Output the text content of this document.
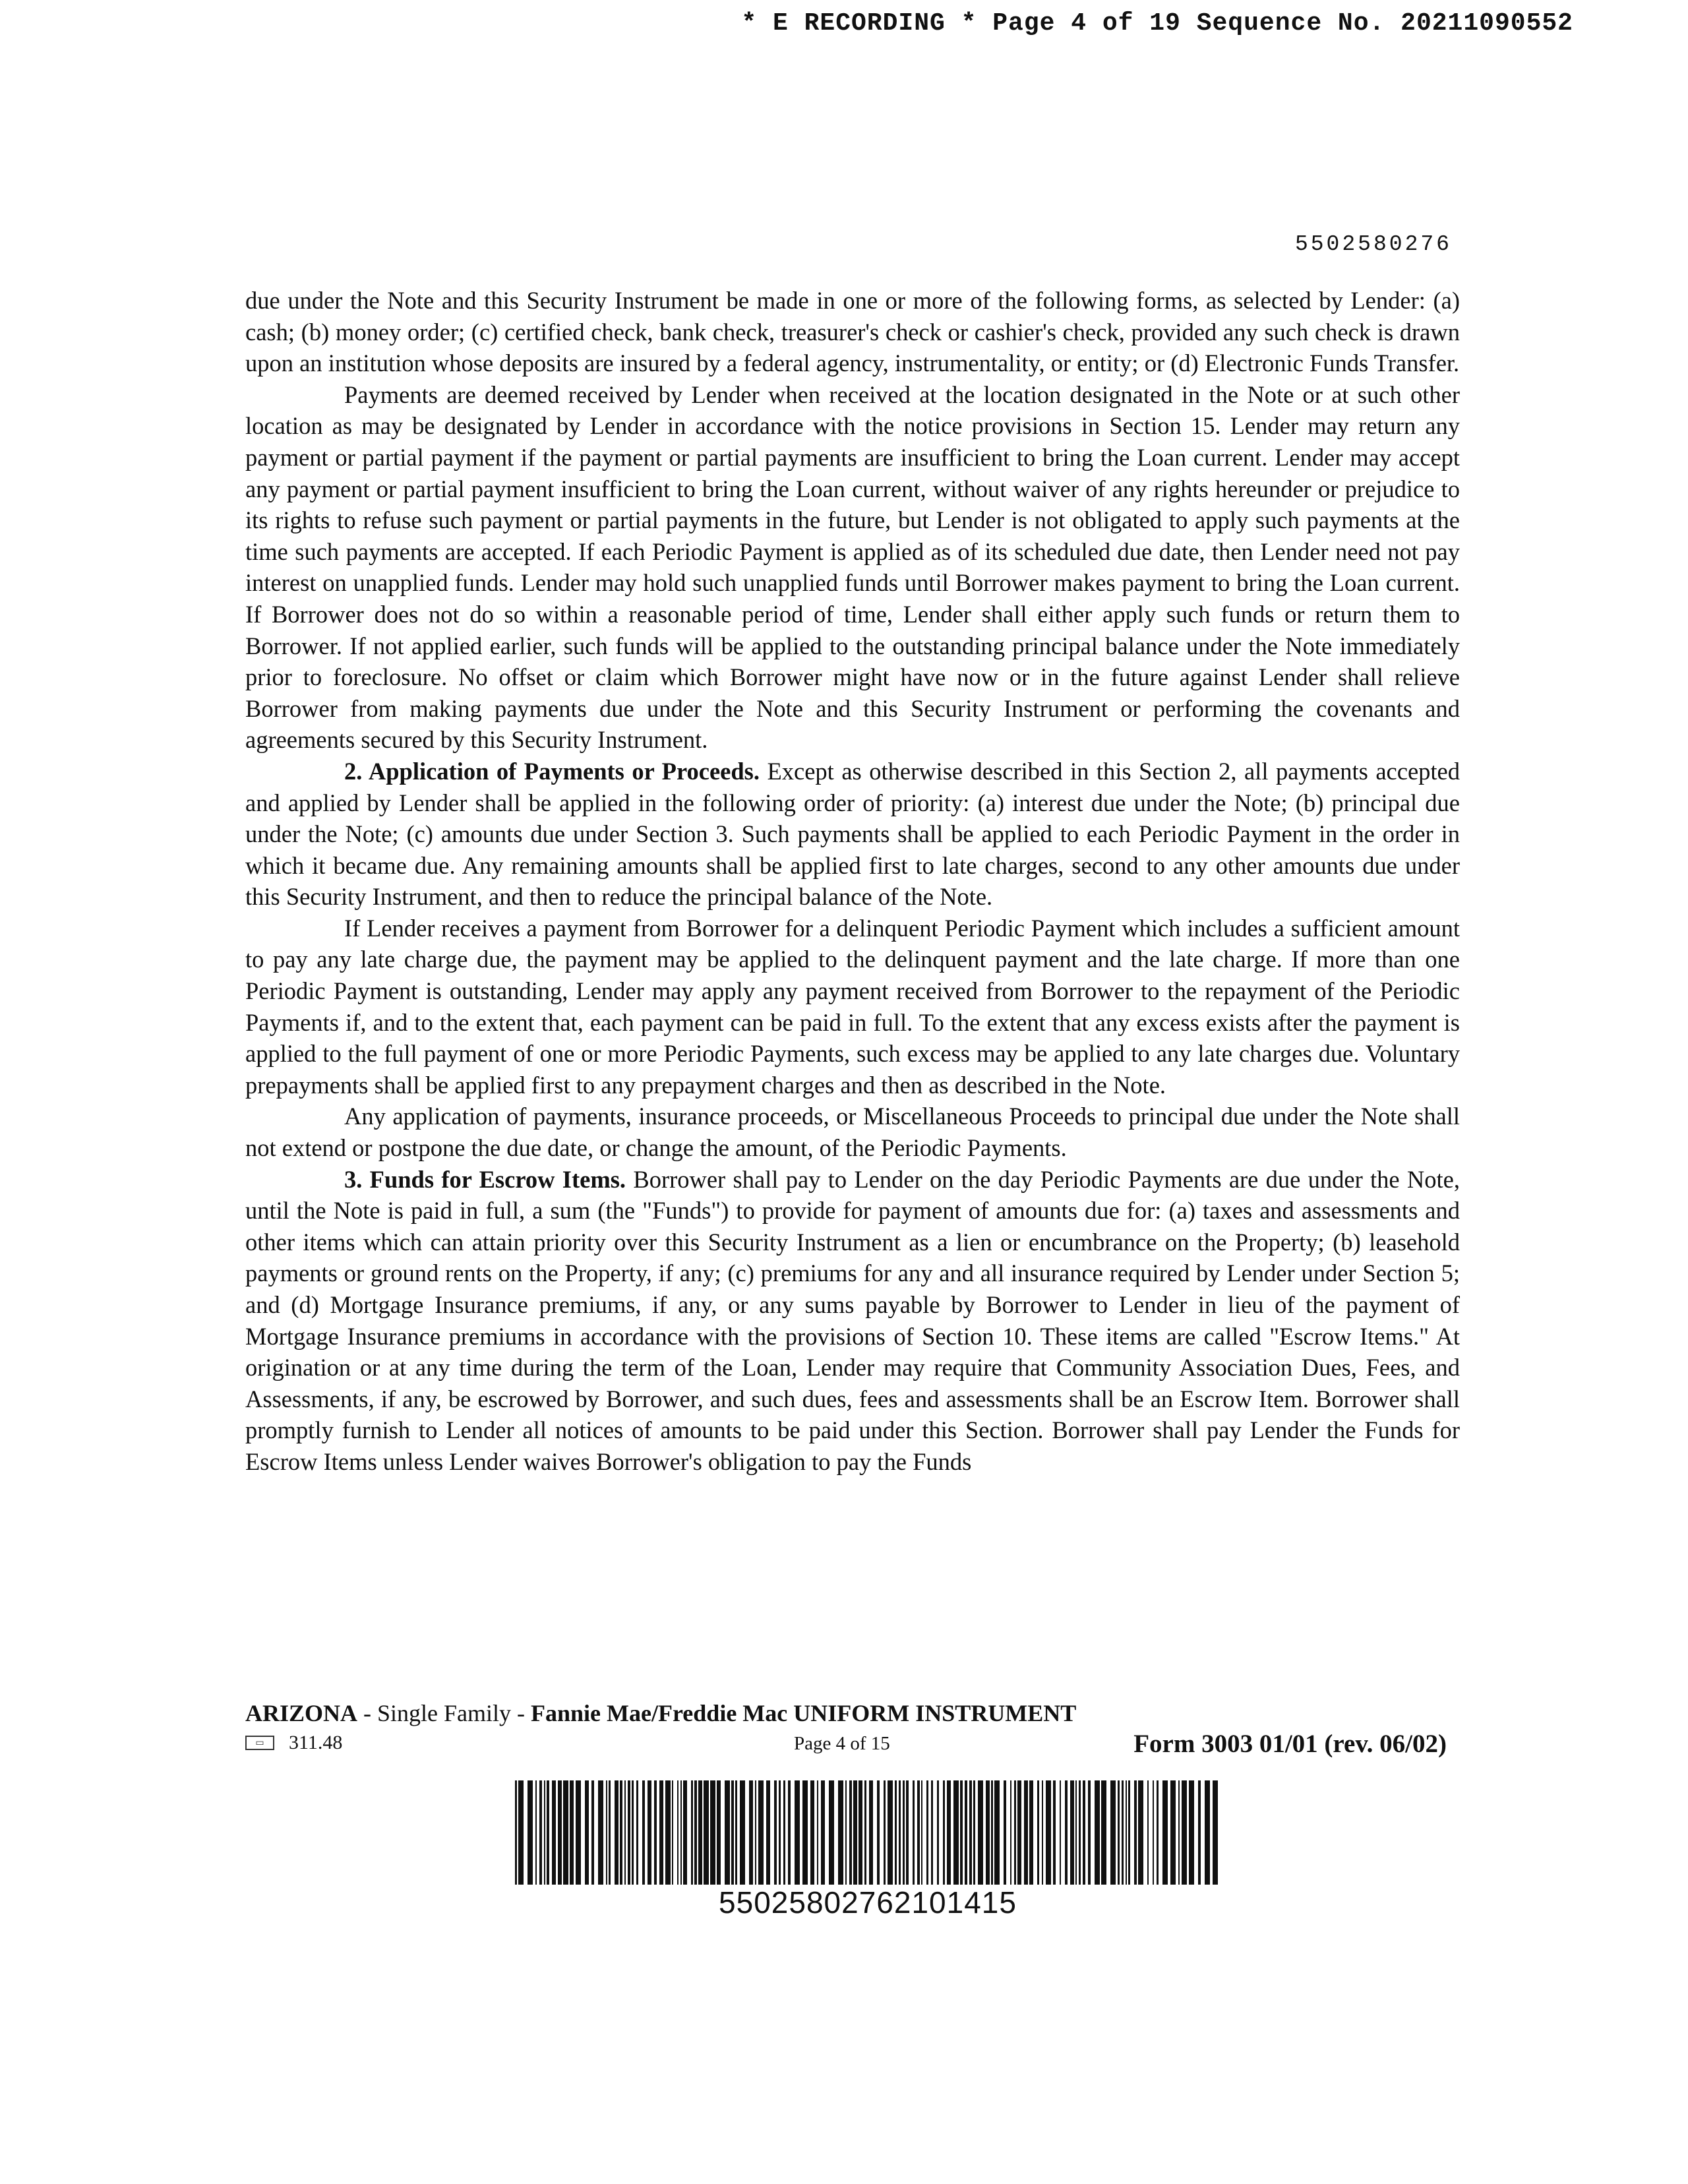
* E RECORDING * Page 4 of 19 Sequence No. 20211090552
5502580276

due under the Note and this Security Instrument be made in one or more of the following forms, as selected by Lender: (a) cash; (b) money order; (c) certified check, bank check, treasurer's check or cashier's check, provided any such check is drawn upon an institution whose deposits are insured by a federal agency, instrumentality, or entity; or (d) Electronic Funds Transfer.

Payments are deemed received by Lender when received at the location designated in the Note or at such other location as may be designated by Lender in accordance with the notice provisions in Section 15. Lender may return any payment or partial payment if the payment or partial payments are insufficient to bring the Loan current. Lender may accept any payment or partial payment insufficient to bring the Loan current, without waiver of any rights hereunder or prejudice to its rights to refuse such payment or partial payments in the future, but Lender is not obligated to apply such payments at the time such payments are accepted. If each Periodic Payment is applied as of its scheduled due date, then Lender need not pay interest on unapplied funds. Lender may hold such unapplied funds until Borrower makes payment to bring the Loan current. If Borrower does not do so within a reasonable period of time, Lender shall either apply such funds or return them to Borrower. If not applied earlier, such funds will be applied to the outstanding principal balance under the Note immediately prior to foreclosure. No offset or claim which Borrower might have now or in the future against Lender shall relieve Borrower from making payments due under the Note and this Security Instrument or performing the covenants and agreements secured by this Security Instrument.

2. Application of Payments or Proceeds. Except as otherwise described in this Section 2, all payments accepted and applied by Lender shall be applied in the following order of priority: (a) interest due under the Note; (b) principal due under the Note; (c) amounts due under Section 3. Such payments shall be applied to each Periodic Payment in the order in which it became due. Any remaining amounts shall be applied first to late charges, second to any other amounts due under this Security Instrument, and then to reduce the principal balance of the Note.

If Lender receives a payment from Borrower for a delinquent Periodic Payment which includes a sufficient amount to pay any late charge due, the payment may be applied to the delinquent payment and the late charge. If more than one Periodic Payment is outstanding, Lender may apply any payment received from Borrower to the repayment of the Periodic Payments if, and to the extent that, each payment can be paid in full. To the extent that any excess exists after the payment is applied to the full payment of one or more Periodic Payments, such excess may be applied to any late charges due. Voluntary prepayments shall be applied first to any prepayment charges and then as described in the Note.

Any application of payments, insurance proceeds, or Miscellaneous Proceeds to principal due under the Note shall not extend or postpone the due date, or change the amount, of the Periodic Payments.

3. Funds for Escrow Items. Borrower shall pay to Lender on the day Periodic Payments are due under the Note, until the Note is paid in full, a sum (the "Funds") to provide for payment of amounts due for: (a) taxes and assessments and other items which can attain priority over this Security Instrument as a lien or encumbrance on the Property; (b) leasehold payments or ground rents on the Property, if any; (c) premiums for any and all insurance required by Lender under Section 5; and (d) Mortgage Insurance premiums, if any, or any sums payable by Borrower to Lender in lieu of the payment of Mortgage Insurance premiums in accordance with the provisions of Section 10. These items are called "Escrow Items." At origination or at any time during the term of the Loan, Lender may require that Community Association Dues, Fees, and Assessments, if any, be escrowed by Borrower, and such dues, fees and assessments shall be an Escrow Item. Borrower shall promptly furnish to Lender all notices of amounts to be paid under this Section. Borrower shall pay Lender the Funds for Escrow Items unless Lender waives Borrower's obligation to pay the Funds

ARIZONA - Single Family - Fannie Mae/Freddie Mac UNIFORM INSTRUMENT
▭	311.48	Page 4 of 15	Form 3003 01/01 (rev. 06/02)
55025802762101415
